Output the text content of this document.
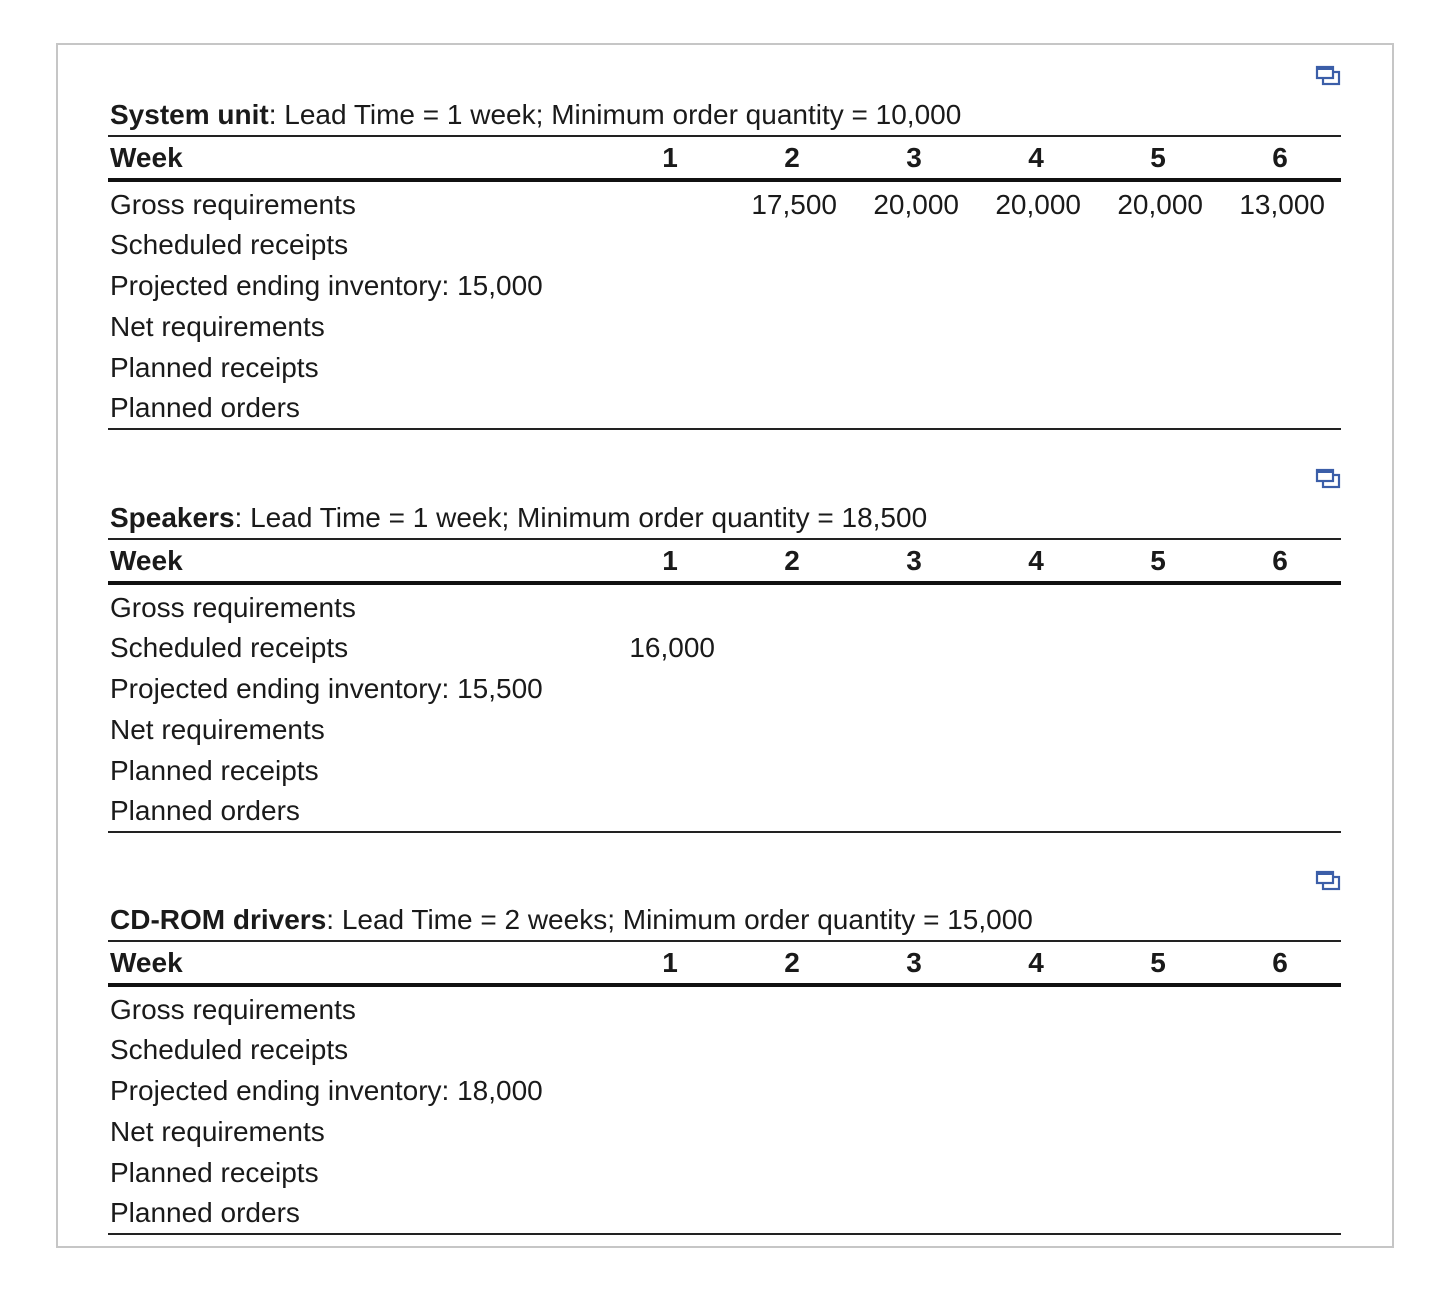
System unit: Lead Time = 1 week; Minimum order quantity = 10,000
Week	1	2	3	4	5	6
Gross requirements		17,500	20,000	20,000	20,000	13,000
Scheduled receipts						
Projected ending inventory: 15,000						
Net requirements						
Planned receipts						
Planned orders						
Speakers: Lead Time = 1 week; Minimum order quantity = 18,500
Week	1	2	3	4	5	6
Gross requirements						
Scheduled receipts	16,000					
Projected ending inventory: 15,500						
Net requirements						
Planned receipts						
Planned orders						
CD-ROM drivers: Lead Time = 2 weeks; Minimum order quantity = 15,000
Week	1	2	3	4	5	6
Gross requirements						
Scheduled receipts						
Projected ending inventory: 18,000						
Net requirements						
Planned receipts						
Planned orders						
